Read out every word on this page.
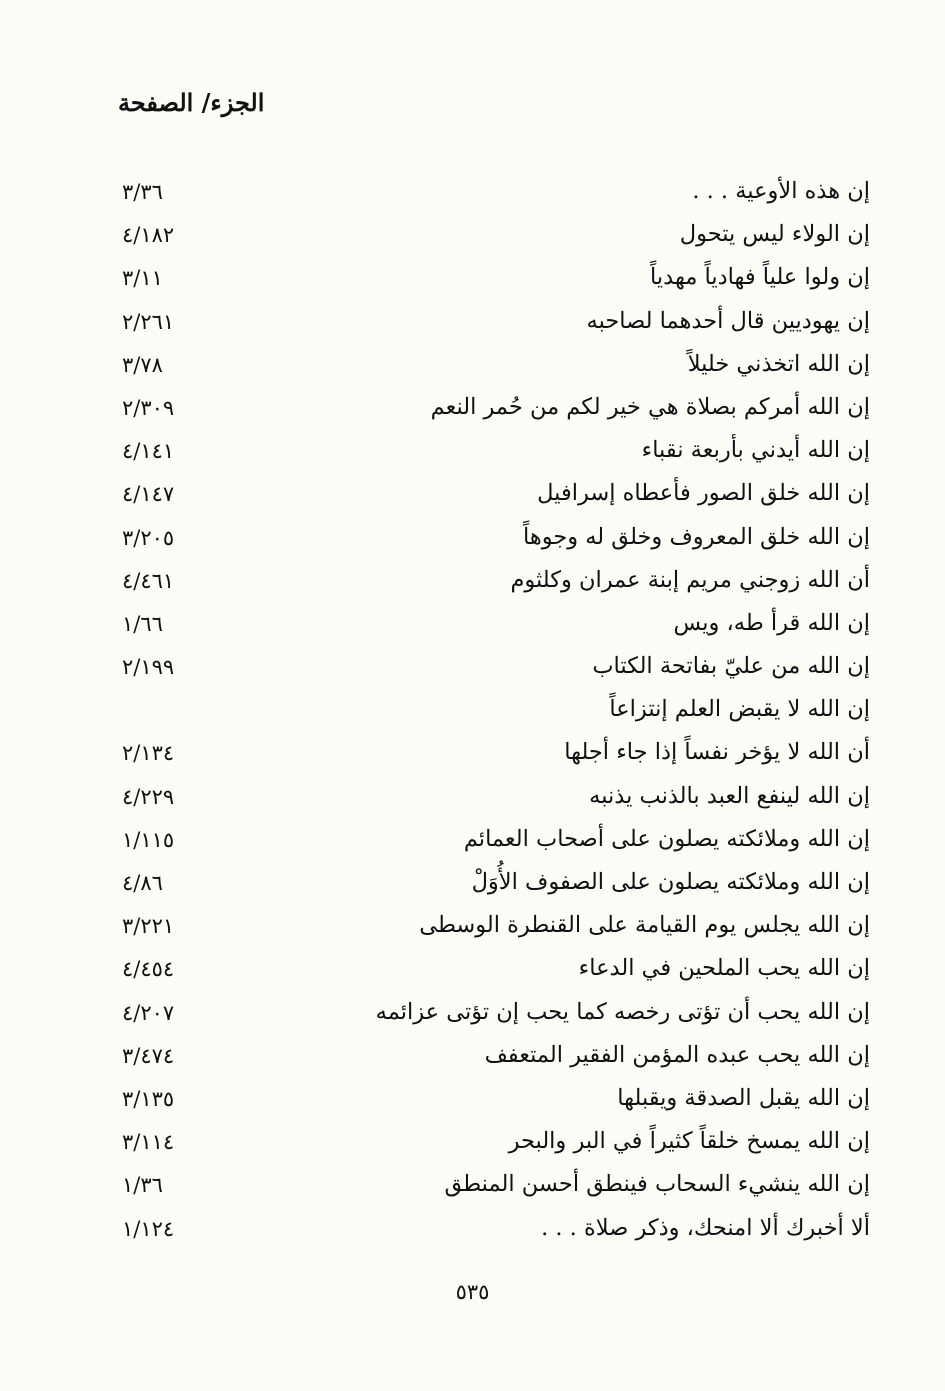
الجزء/ الصفحة
إن هذه الأوعية . . .
٣/٣٦
إن الولاء ليس يتحول
٤/١٨٢
إن ولوا علياً فهادياً مهدياً
٣/١١
إن يهوديين قال أحدهما لصاحبه
٢/٢٦١
إن الله اتخذني خليلاً
٣/٧٨
إن الله أمركم بصلاة هي خير لكم من حُمر النعم
٢/٣٠٩
إن الله أيدني بأربعة نقباء
٤/١٤١
إن الله خلق الصور فأعطاه إسرافيل
٤/١٤٧
إن الله خلق المعروف وخلق له وجوهاً
٣/٢٠٥
أن الله زوجني مريم إبنة عمران وكلثوم
٤/٤٦١
إن الله قرأ طه، ويس
١/٦٦
إن الله من عليّ بفاتحة الكتاب
٢/١٩٩
إن الله لا يقبض العلم إنتزاعاً
أن الله لا يؤخر نفساً إذا جاء أجلها
٢/١٣٤
إن الله لينفع العبد بالذنب يذنبه
٤/٢٢٩
إن الله وملائكته يصلون على أصحاب العمائم
١/١١٥
إن الله وملائكته يصلون على الصفوف الأُوَلْ
٤/٨٦
إن الله يجلس يوم القيامة على القنطرة الوسطى
٣/٢٢١
إن الله يحب الملحين في الدعاء
٤/٤٥٤
إن الله يحب أن تؤتى رخصه كما يحب إن تؤتى عزائمه
٤/٢٠٧
إن الله يحب عبده المؤمن الفقير المتعفف
٣/٤٧٤
إن الله يقبل الصدقة ويقبلها
٣/١٣٥
إن الله يمسخ خلقاً كثيراً في البر والبحر
٣/١١٤
إن الله ينشيء السحاب فينطق أحسن المنطق
١/٣٦
ألا أخبرك ألا امنحك، وذكر صلاة . . .
١/١٢٤
٥٣٥
